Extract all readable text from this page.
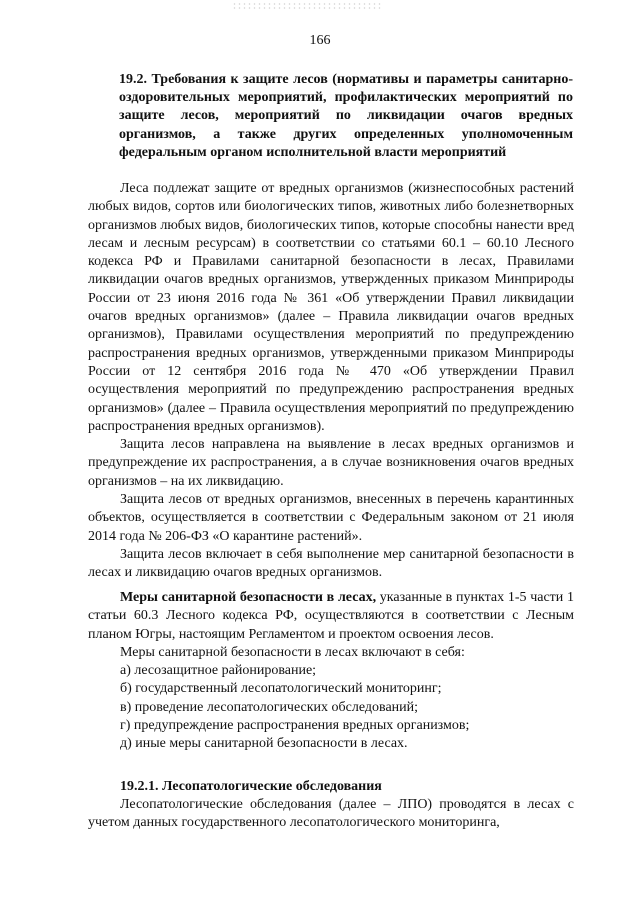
166
19.2. Требования к защите лесов (нормативы и параметры санитарно-оздоровительных мероприятий, профилактических мероприятий по защите лесов, мероприятий по ликвидации очагов вредных организмов, а также других определенных уполномоченным федеральным органом исполнительной власти мероприятий

Леса подлежат защите от вредных организмов (жизнеспособных растений любых видов, сортов или биологических типов, животных либо болезнетворных организмов любых видов, биологических типов, которые способны нанести вред лесам и лесным ресурсам) в соответствии со статьями 60.1 – 60.10 Лесного кодекса РФ и Правилами санитарной безопасности в лесах, Правилами ликвидации очагов вредных организмов, утвержденных приказом Минприроды России от 23 июня 2016 года № 361 «Об утверждении Правил ликвидации очагов вредных организмов» (далее – Правила ликвидации очагов вредных организмов), Правилами осуществления мероприятий по предупреждению распространения вредных организмов, утвержденными приказом Минприроды России от 12 сентября 2016 года № 470 «Об утверждении Правил осуществления мероприятий по предупреждению распространения вредных организмов» (далее – Правила осуществления мероприятий по предупреждению распространения вредных организмов).

Защита лесов направлена на выявление в лесах вредных организмов и предупреждение их распространения, а в случае возникновения очагов вредных организмов – на их ликвидацию.

Защита лесов от вредных организмов, внесенных в перечень карантинных объектов, осуществляется в соответствии с Федеральным законом от 21 июля 2014 года № 206-ФЗ «О карантине растений».

Защита лесов включает в себя выполнение мер санитарной безопасности в лесах и ликвидацию очагов вредных организмов.

Меры санитарной безопасности в лесах, указанные в пунктах 1-5 части 1 статьи 60.3 Лесного кодекса РФ, осуществляются в соответствии с Лесным планом Югры, настоящим Регламентом и проектом освоения лесов.

Меры санитарной безопасности в лесах включают в себя:

а) лесозащитное районирование;

б) государственный лесопатологический мониторинг;

в) проведение лесопатологических обследований;

г) предупреждение распространения вредных организмов;

д) иные меры санитарной безопасности в лесах.

19.2.1. Лесопатологические обследования

Лесопатологические обследования (далее – ЛПО) проводятся в лесах с учетом данных государственного лесопатологического мониторинга,
